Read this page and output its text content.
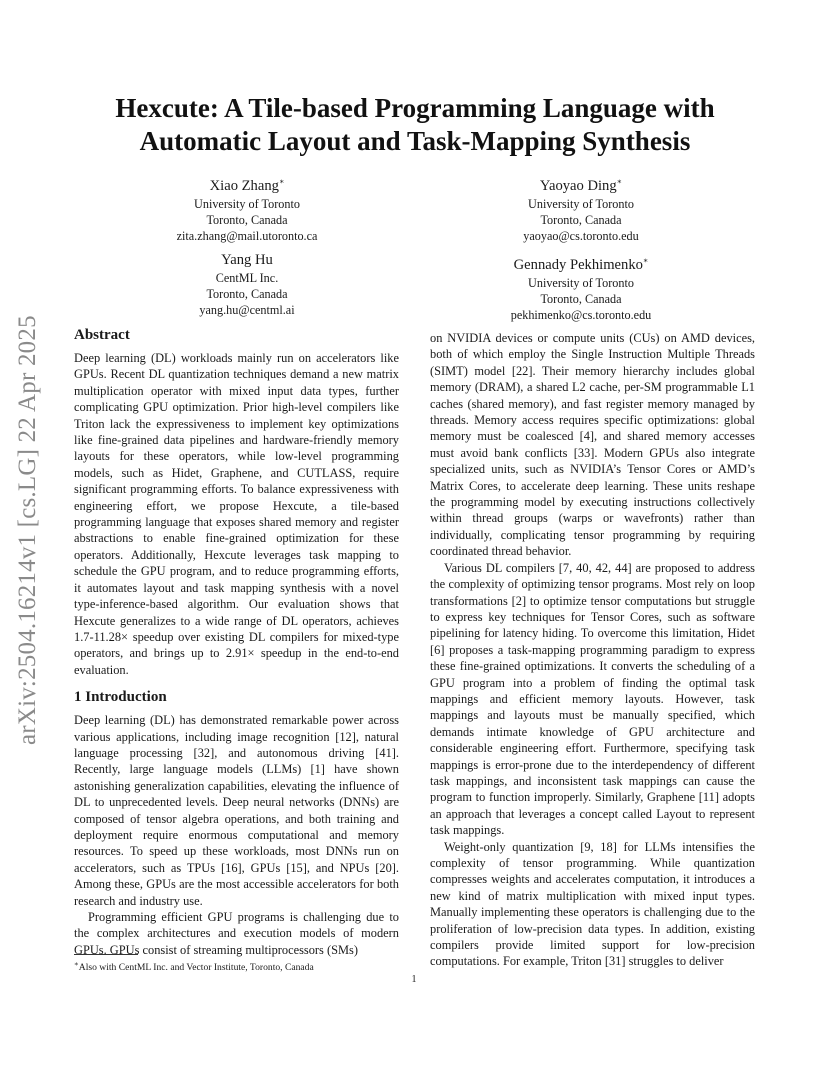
arXiv:2504.16214v1 [cs.LG] 22 Apr 2025
Hexcute: A Tile-based Programming Language with
Automatic Layout and Task-Mapping Synthesis
Xiao Zhang∗
University of Toronto
Toronto, Canada
zita.zhang@mail.utoronto.ca
Yaoyao Ding∗
University of Toronto
Toronto, Canada
yaoyao@cs.toronto.edu
Yang Hu
CentML Inc.
Toronto, Canada
yang.hu@centml.ai
Gennady Pekhimenko∗
University of Toronto
Toronto, Canada
pekhimenko@cs.toronto.edu
Abstract

Deep learning (DL) workloads mainly run on accelerators like GPUs. Recent DL quantization techniques demand a new matrix multiplication operator with mixed input data types, further complicating GPU optimization. Prior high-level compilers like Triton lack the expressiveness to implement key optimizations like fine-grained data pipelines and hardware-friendly memory layouts for these operators, while low-level programming models, such as Hidet, Graphene, and CUTLASS, require significant programming efforts. To balance expressiveness with engineering effort, we propose Hexcute, a tile-based programming language that exposes shared memory and register abstractions to enable fine-grained optimization for these operators. Additionally, Hexcute leverages task mapping to schedule the GPU program, and to reduce programming efforts, it automates layout and task mapping synthesis with a novel type-inference-based algorithm. Our evaluation shows that Hexcute generalizes to a wide range of DL operators, achieves 1.7-11.28× speedup over existing DL compilers for mixed-type operators, and brings up to 2.91× speedup in the end-to-end evaluation.

1 Introduction

Deep learning (DL) has demonstrated remarkable power across various applications, including image recognition [12], natural language processing [32], and autonomous driving [41]. Recently, large language models (LLMs) [1] have shown astonishing generalization capabilities, elevating the influence of DL to unprecedented levels. Deep neural networks (DNNs) are composed of tensor algebra operations, and both training and deployment require enormous computational and memory resources. To speed up these workloads, most DNNs run on accelerators, such as TPUs [16], GPUs [15], and NPUs [20]. Among these, GPUs are the most accessible accelerators for both research and industry use.

Programming efficient GPU programs is challenging due to the complex architectures and execution models of modern GPUs. GPUs consist of streaming multiprocessors (SMs)

on NVIDIA devices or compute units (CUs) on AMD devices, both of which employ the Single Instruction Multiple Threads (SIMT) model [22]. Their memory hierarchy includes global memory (DRAM), a shared L2 cache, per-SM programmable L1 caches (shared memory), and fast register memory managed by threads. Memory access requires specific optimizations: global memory must be coalesced [4], and shared memory accesses must avoid bank conflicts [33]. Modern GPUs also integrate specialized units, such as NVIDIA’s Tensor Cores or AMD’s Matrix Cores, to accelerate deep learning. These units reshape the programming model by executing instructions collectively within thread groups (warps or wavefronts) rather than individually, complicating tensor programming by requiring coordinated thread behavior.

Various DL compilers [7, 40, 42, 44] are proposed to address the complexity of optimizing tensor programs. Most rely on loop transformations [2] to optimize tensor computations but struggle to express key techniques for Tensor Cores, such as software pipelining for latency hiding. To overcome this limitation, Hidet [6] proposes a task-mapping programming paradigm to express these fine-grained optimizations. It converts the scheduling of a GPU program into a problem of finding the optimal task mappings and efficient memory layouts. However, task mappings and layouts must be manually specified, which demands intimate knowledge of GPU architecture and considerable engineering effort. Furthermore, specifying task mappings is error-prone due to the interdependency of different task mappings, and inconsistent task mappings can cause the program to function improperly. Similarly, Graphene [11] adopts an approach that leverages a concept called Layout to represent task mappings.

Weight-only quantization [9, 18] for LLMs intensifies the complexity of tensor programming. While quantization compresses weights and accelerates computation, it introduces a new kind of matrix multiplication with mixed input types. Manually implementing these operators is challenging due to the proliferation of low-precision data types. In addition, existing compilers provide limited support for low-precision computations. For example, Triton [31] struggles to deliver

∗Also with CentML Inc. and Vector Institute, Toronto, Canada
1
